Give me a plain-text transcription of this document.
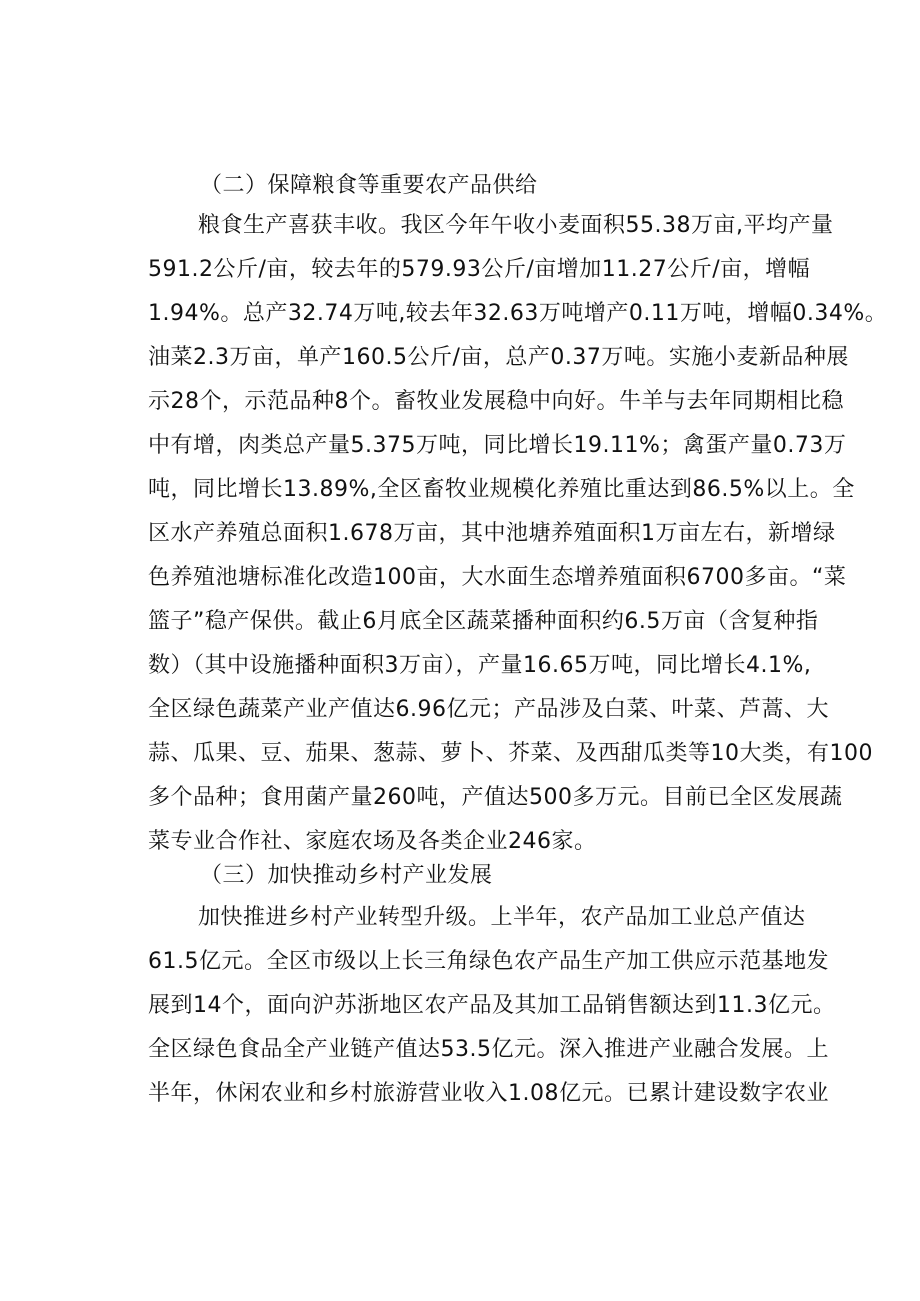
（二）保障粮食等重要农产品供给
粮食生产喜获丰收。我区今年午收小麦面积55.38万亩,平均产量
591.2公斤/亩，较去年的579.93公斤/亩增加11.27公斤/亩，增幅
1.94%。总产32.74万吨,较去年32.63万吨增产0.11万吨，增幅0.34%。
油菜2.3万亩，单产160.5公斤/亩，总产0.37万吨。实施小麦新品种展
示28个，示范品种8个。畜牧业发展稳中向好。牛羊与去年同期相比稳
中有增，肉类总产量5.375万吨，同比增长19.11%；禽蛋产量0.73万
吨，同比增长13.89%,全区畜牧业规模化养殖比重达到86.5%以上。全
区水产养殖总面积1.678万亩，其中池塘养殖面积1万亩左右，新增绿
色养殖池塘标准化改造100亩，大水面生态增养殖面积6700多亩。“菜
篮子”稳产保供。截止6月底全区蔬菜播种面积约6.5万亩（含复种指
数）（其中设施播种面积3万亩），产量16.65万吨，同比增长4.1%,
全区绿色蔬菜产业产值达6.96亿元；产品涉及白菜、叶菜、芦蒿、大
蒜、瓜果、豆、茄果、葱蒜、萝卜、芥菜、及西甜瓜类等10大类，有100
多个品种；食用菌产量260吨，产值达500多万元。目前已全区发展蔬
菜专业合作社、家庭农场及各类企业246家。
（三）加快推动乡村产业发展
加快推进乡村产业转型升级。上半年，农产品加工业总产值达
61.5亿元。全区市级以上长三角绿色农产品生产加工供应示范基地发
展到14个，面向沪苏浙地区农产品及其加工品销售额达到11.3亿元。
全区绿色食品全产业链产值达53.5亿元。深入推进产业融合发展。上
半年，休闲农业和乡村旅游营业收入1.08亿元。已累计建设数字农业
